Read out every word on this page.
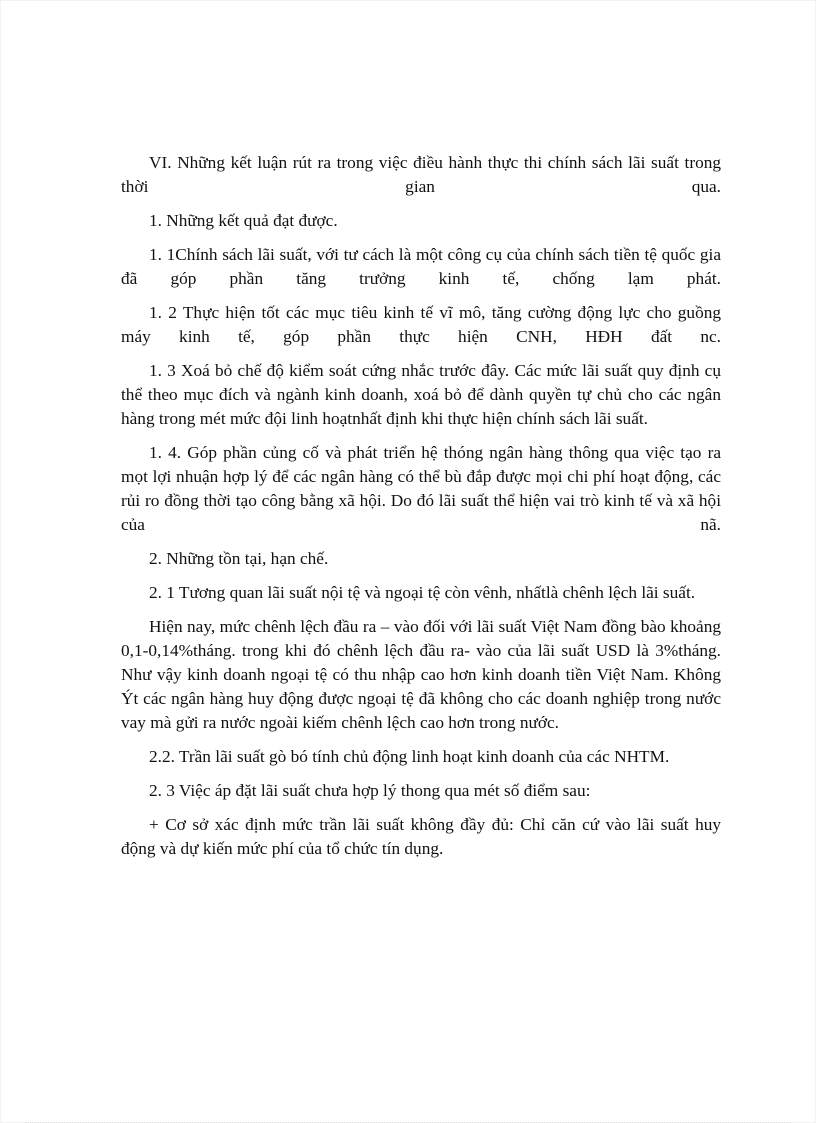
VI. Những kết luận rút ra trong việc điều hành thực thi chính sách lãi suất trong thời gian qua.

1. Những kết quả đạt được.

1. 1Chính sách lãi suất, với tư cách là một công cụ của chính sách tiền tệ quốc gia đã góp phần tăng trưởng kinh tế, chống lạm phát.

1. 2 Thực hiện tốt các mục tiêu kinh tế vĩ mô, tăng cường động lực cho guồng máy kinh tế, góp phần thực hiện CNH, HĐH đất nc.

1. 3 Xoá bỏ chế độ kiểm soát cứng nhắc trước đây. Các mức lãi suất quy định cụ thể theo mục đích và ngành kinh doanh, xoá bỏ để dành quyền tự chủ cho các ngân hàng trong mét mức đội linh hoạtnhất định khi thực hiện chính sách lãi suất.

1. 4. Góp phần củng cố và phát triển hệ thóng ngân hàng thông qua việc tạo ra mọt lợi nhuận hợp lý để các ngân hàng có thể bù đắp được mọi chi phí hoạt động, các rủi ro đồng thời tạo công bằng xã hội. Do đó lãi suất thể hiện vai trò kinh tế và xã hội của nã.

2. Những tồn tại, hạn chế.

2. 1 Tương quan lãi suất nội tệ và ngoại tệ còn vênh, nhấtlà chênh lệch lãi suất.

Hiện nay, mức chênh lệch đầu ra – vào đối với lãi suất Việt Nam đồng bào khoảng 0,1-0,14%tháng. trong khi đó chênh lệch đầu ra- vào của lãi suất USD là 3%tháng. Như vậy kinh doanh ngoại tệ có thu nhập cao hơn kinh doanh tiền Việt Nam. Không Ýt các ngân hàng huy động được ngoại tệ đã không cho các doanh nghiệp trong nước vay mà gửi ra nước ngoài kiếm chênh lệch cao hơn trong nước.

2.2. Trần lãi suất gò bó tính chủ động linh hoạt kinh doanh của các NHTM.

2. 3 Việc áp đặt lãi suất chưa hợp lý thong qua mét số điểm sau:

+ Cơ sở xác định mức trần lãi suất không đầy đủ: Chỉ căn cứ vào lãi suất huy động và dự kiến mức phí của tổ chức tín dụng.
